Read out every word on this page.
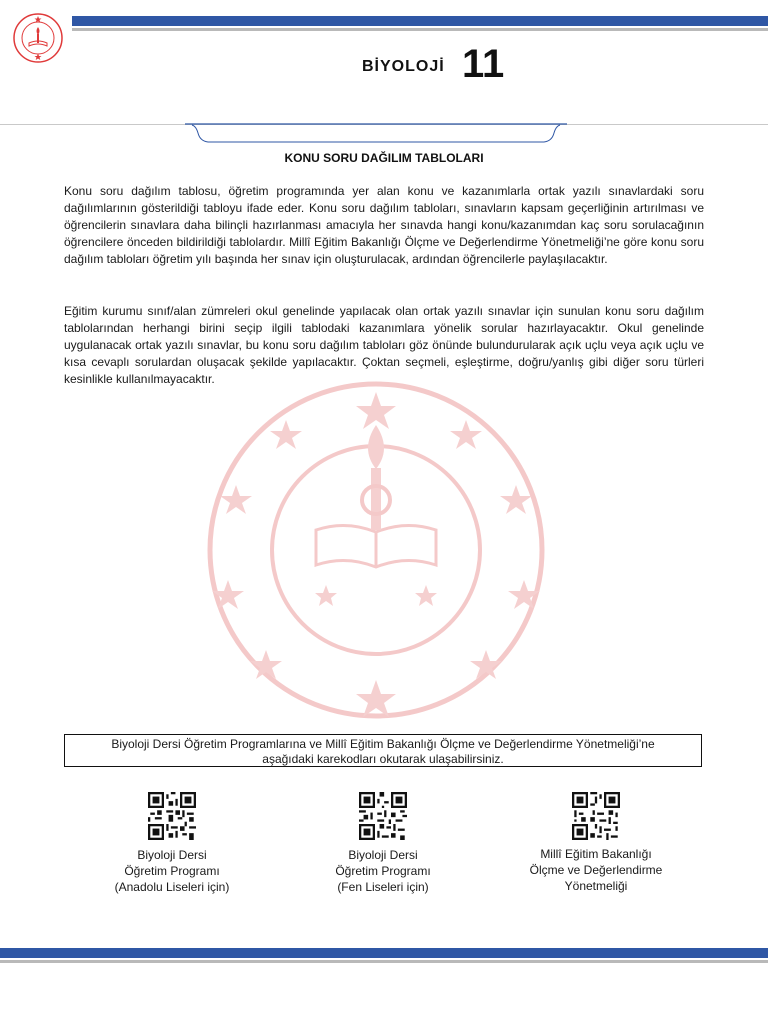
BİYOLOJİ 11
KONU SORU DAĞILIM TABLOLARI
Konu soru dağılım tablosu, öğretim programında yer alan konu ve kazanımlarla ortak yazılı sınavlardaki soru dağılımlarının gösterildiği tabloyu ifade eder. Konu soru dağılım tabloları, sınavların kapsam geçerliğinin artırılması ve öğrencilerin sınavlara daha bilinçli hazırlanması amacıyla her sınavda hangi konu/kazanımdan kaç soru sorulacağının öğrencilere önceden bildirildiği tablolardır. Millî Eğitim Bakanlığı Ölçme ve Değerlendirme Yönetmeliği’ne göre konu soru dağılım tabloları öğretim yılı başında her sınav için oluşturulacak, ardından öğrencilerle paylaşılacaktır.
Eğitim kurumu sınıf/alan zümreleri okul genelinde yapılacak olan ortak yazılı sınavlar için sunulan konu soru dağılım tablolarından herhangi birini seçip ilgili tablodaki kazanımlara yönelik sorular hazırlayacaktır. Okul genelinde uygulanacak ortak yazılı sınavlar, bu konu soru dağılım tabloları göz önünde bulundurularak açık uçlu veya açık uçlu ve kısa cevaplı sorulardan oluşacak şekilde yapılacaktır. Çoktan seçmeli, eşleştirme, doğru/yanlış gibi diğer soru türleri kesinlikle kullanılmayacaktır.
Biyoloji Dersi Öğretim Programlarına ve Millî Eğitim Bakanlığı Ölçme ve Değerlendirme Yönetmeliği’ne
aşağıdaki karekodları okutarak ulaşabilirsiniz.
Biyoloji Dersi
Öğretim Programı
(Anadolu Liseleri için)
Biyoloji Dersi
Öğretim Programı
(Fen Liseleri için)
Millî Eğitim Bakanlığı
Ölçme ve Değerlendirme
Yönetmeliği
